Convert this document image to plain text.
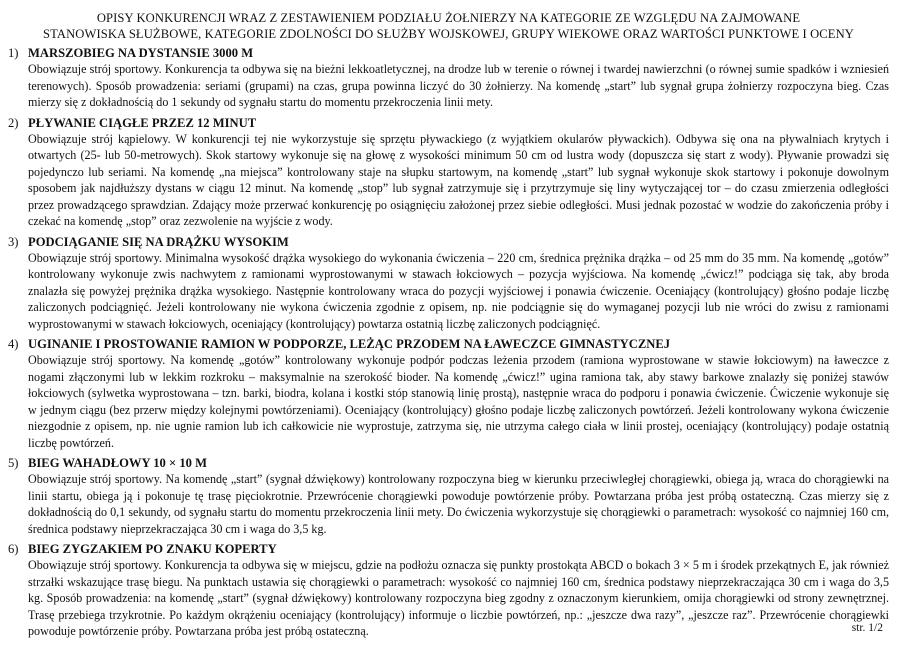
OPISY KONKURENCJI WRAZ Z ZESTAWIENIEM PODZIAŁU ŻOŁNIERZY NA KATEGORIE ZE WZGLĘDU NA ZAJMOWANE
STANOWISKA SŁUŻBOWE, KATEGORIE ZDOLNOŚCI DO SŁUŻBY WOJSKOWEJ, GRUPY WIEKOWE ORAZ WARTOŚCI PUNKTOWE I OCENY
1) MARSZOBIEG NA DYSTANSIE 3000 M
Obowiązuje strój sportowy. Konkurencja ta odbywa się na bieżni lekkoatletycznej, na drodze lub w terenie o równej i twardej nawierzchni (o równej sumie spadków i wzniesień terenowych). Sposób prowadzenia: seriami (grupami) na czas, grupa powinna liczyć do 30 żołnierzy. Na komendę „start” lub sygnał grupa żołnierzy rozpoczyna bieg. Czas mierzy się z dokładnością do 1 sekundy od sygnału startu do momentu przekroczenia linii mety.
2) PŁYWANIE CIĄGŁE PRZEZ 12 MINUT
Obowiązuje strój kąpielowy. W konkurencji tej nie wykorzystuje się sprzętu pływackiego (z wyjątkiem okularów pływackich). Odbywa się ona na pływalniach krytych i otwartych (25- lub 50-metrowych). Skok startowy wykonuje się na głowę z wysokości minimum 50 cm od lustra wody (dopuszcza się start z wody). Pływanie prowadzi się pojedynczo lub seriami. Na komendę „na miejsca” kontrolowany staje na słupku startowym, na komendę „start” lub sygnał wykonuje skok startowy i pokonuje dowolnym sposobem jak najdłuższy dystans w ciągu 12 minut. Na komendę „stop” lub sygnał zatrzymuje się i przytrzymuje się liny wytyczającej tor – do czasu zmierzenia odległości przez prowadzącego sprawdzian. Zdający może przerwać konkurencję po osiągnięciu założonej przez siebie odległości. Musi jednak pozostać w wodzie do zakończenia próby i czekać na komendę „stop” oraz zezwolenie na wyjście z wody.
3) PODCIĄGANIE SIĘ NA DRĄŻKU WYSOKIM
Obowiązuje strój sportowy. Minimalna wysokość drążka wysokiego do wykonania ćwiczenia – 220 cm, średnica prężnika drążka – od 25 mm do 35 mm. Na komendę „gotów” kontrolowany wykonuje zwis nachwytem z ramionami wyprostowanymi w stawach łokciowych – pozycja wyjściowa. Na komendę „ćwicz!” podciąga się tak, aby broda znalazła się powyżej prężnika drążka wysokiego. Następnie kontrolowany wraca do pozycji wyjściowej i ponawia ćwiczenie. Oceniający (kontrolujący) głośno podaje liczbę zaliczonych podciągnięć. Jeżeli kontrolowany nie wykona ćwiczenia zgodnie z opisem, np. nie podciągnie się do wymaganej pozycji lub nie wróci do zwisu z ramionami wyprostowanymi w stawach łokciowych, oceniający (kontrolujący) powtarza ostatnią liczbę zaliczonych podciągnięć.
4) UGINANIE I PROSTOWANIE RAMION W PODPORZE, LEŻĄC PRZODEM NA ŁAWECZCE GIMNASTYCZNEJ
Obowiązuje strój sportowy. Na komendę „gotów” kontrolowany wykonuje podpór podczas leżenia przodem (ramiona wyprostowane w stawie łokciowym) na ławeczce z nogami złączonymi lub w lekkim rozkroku – maksymalnie na szerokość bioder. Na komendę „ćwicz!” ugina ramiona tak, aby stawy barkowe znalazły się poniżej stawów łokciowych (sylwetka wyprostowana – tzn. barki, biodra, kolana i kostki stóp stanowią linię prostą), następnie wraca do podporu i ponawia ćwiczenie. Ćwiczenie wykonuje się w jednym ciągu (bez przerw między kolejnymi powtórzeniami). Oceniający (kontrolujący) głośno podaje liczbę zaliczonych powtórzeń. Jeżeli kontrolowany wykona ćwiczenie niezgodnie z opisem, np. nie ugnie ramion lub ich całkowicie nie wyprostuje, zatrzyma się, nie utrzyma całego ciała w linii prostej, oceniający (kontrolujący) podaje ostatnią liczbę powtórzeń.
5) BIEG WAHADŁOWY 10 × 10 M
Obowiązuje strój sportowy. Na komendę „start” (sygnał dźwiękowy) kontrolowany rozpoczyna bieg w kierunku przeciwległej chorągiewki, obiega ją, wraca do chorągiewki na linii startu, obiega ją i pokonuje tę trasę pięciokrotnie. Przewrócenie chorągiewki powoduje powtórzenie próby. Powtarzana próba jest próbą ostateczną. Czas mierzy się z dokładnością do 0,1 sekundy, od sygnału startu do momentu przekroczenia linii mety. Do ćwiczenia wykorzystuje się chorągiewki o parametrach: wysokość co najmniej 160 cm, średnica podstawy nieprzekraczająca 30 cm i waga do 3,5 kg.
6) BIEG ZYGZAKIEM PO ZNAKU KOPERTY
Obowiązuje strój sportowy. Konkurencja ta odbywa się w miejscu, gdzie na podłożu oznacza się punkty prostokąta ABCD o bokach 3 × 5 m i środek przekątnych E, jak również strzałki wskazujące trasę biegu. Na punktach ustawia się chorągiewki o parametrach: wysokość co najmniej 160 cm, średnica podstawy nieprzekraczająca 30 cm i waga do 3,5 kg. Sposób prowadzenia: na komendę „start” (sygnał dźwiękowy) kontrolowany rozpoczyna bieg zgodny z oznaczonym kierunkiem, omija chorągiewki od strony zewnętrznej. Trasę przebiega trzykrotnie. Po każdym okrążeniu oceniający (kontrolujący) informuje o liczbie powtórzeń, np.: „jeszcze dwa razy”, „jeszcze raz”. Przewrócenie chorągiewki powoduje powtórzenie próby. Powtarzana próba jest próbą ostateczną.	str. 1/2
